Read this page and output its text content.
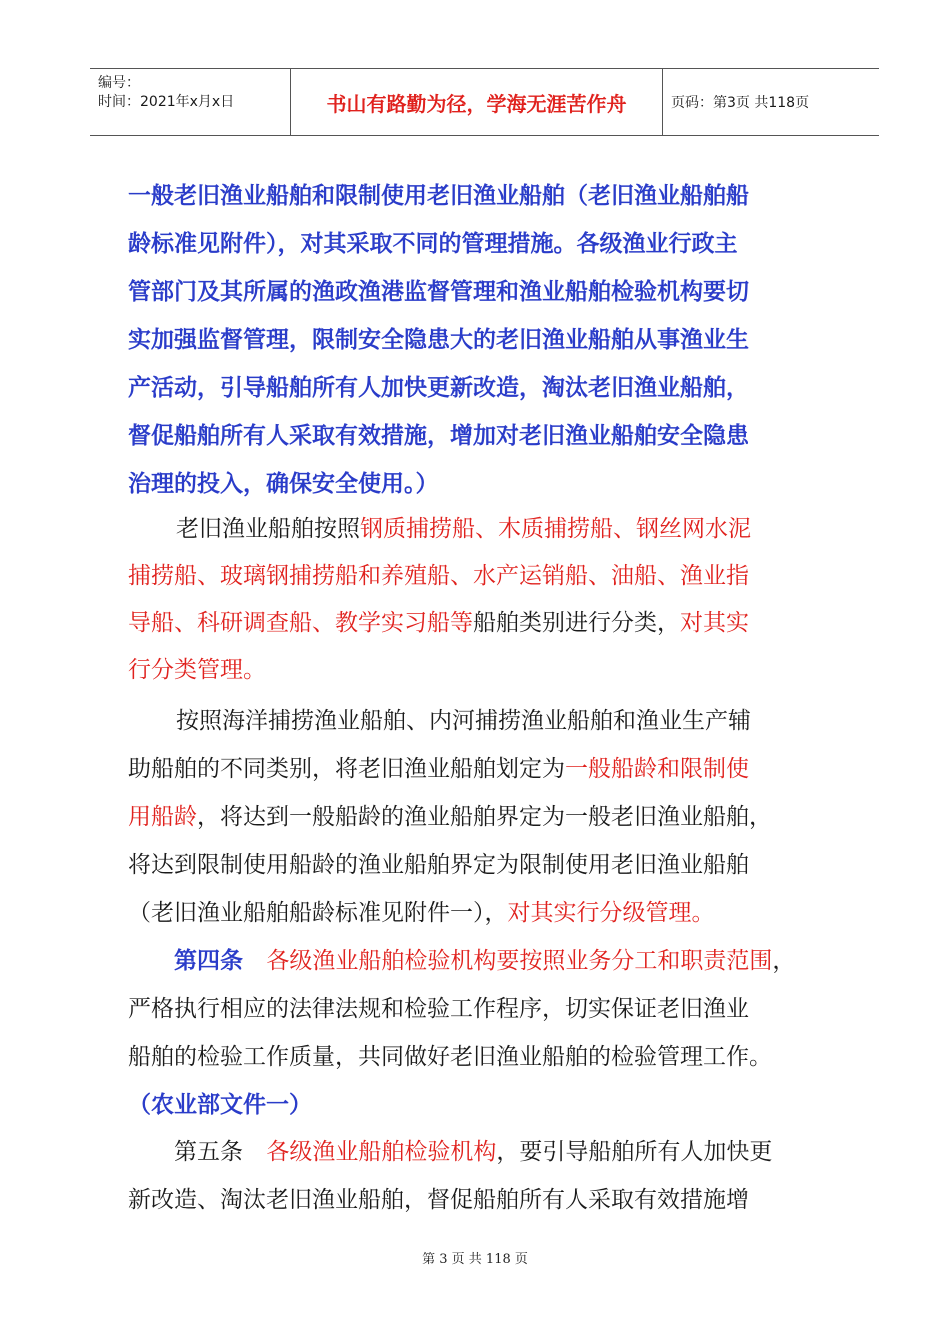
编号：
时间：2021年x月x日	书山有路勤为径，学海无涯苦作舟	页码：第3页 共118页
一般老旧渔业船舶和限制使用老旧渔业船舶（老旧渔业船舶船
龄标准见附件），对其采取不同的管理措施。各级渔业行政主
管部门及其所属的渔政渔港监督管理和渔业船舶检验机构要切
实加强监督管理，限制安全隐患大的老旧渔业船舶从事渔业生
产活动，引导船舶所有人加快更新改造，淘汰老旧渔业船舶，
督促船舶所有人采取有效措施，增加对老旧渔业船舶安全隐患
治理的投入，确保安全使用。）
老旧渔业船舶按照钢质捕捞船、木质捕捞船、钢丝网水泥
捕捞船、玻璃钢捕捞船和养殖船、水产运销船、油船、渔业指
导船、科研调查船、教学实习船等船舶类别进行分类，对其实
行分类管理。
按照海洋捕捞渔业船舶、内河捕捞渔业船舶和渔业生产辅
助船舶的不同类别，将老旧渔业船舶划定为一般船龄和限制使
用船龄，将达到一般船龄的渔业船舶界定为一般老旧渔业船舶，
将达到限制使用船龄的渔业船舶界定为限制使用老旧渔业船舶
（老旧渔业船舶船龄标准见附件一），对其实行分级管理。
第四条 各级渔业船舶检验机构要按照业务分工和职责范围，
严格执行相应的法律法规和检验工作程序，切实保证老旧渔业
船舶的检验工作质量，共同做好老旧渔业船舶的检验管理工作。
（农业部文件一）
第五条 各级渔业船舶检验机构，要引导船舶所有人加快更
新改造、淘汰老旧渔业船舶，督促船舶所有人采取有效措施增
第 3 页 共 118 页
